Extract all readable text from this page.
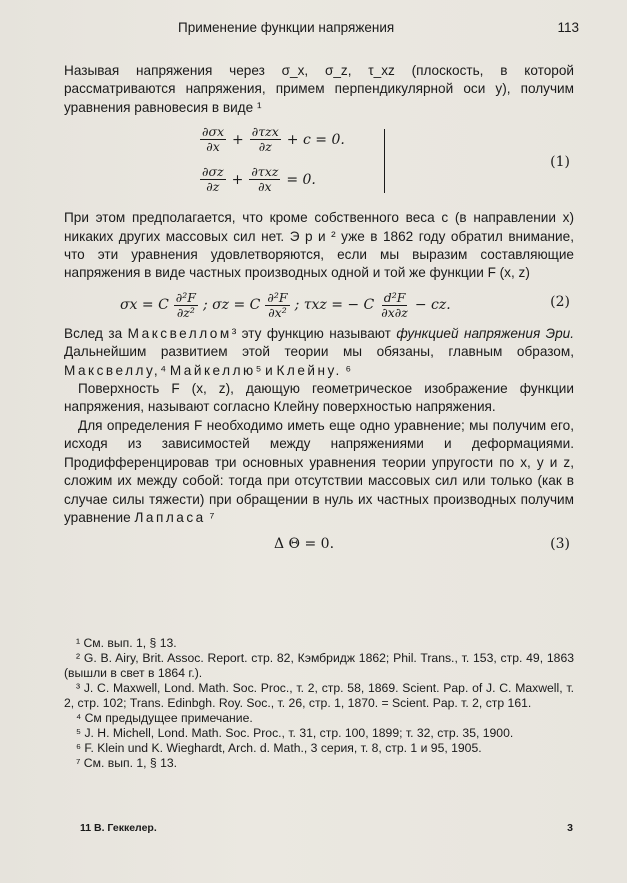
Применение функции напряжения	113

Называя напряжения через σ_x, σ_z, τ_xz (плоскость, в которой рассматриваются напряжения, примем перпендикулярной оси y), получим уравнения равновесия в виде ¹

$\frac{\partial\sigma x}{\partial x} + \frac{\text{∂τzx}}{\partial z} + c = 0$.
$\frac{\partial\sigma z}{\partial z} + \frac{\text{∂τxz}}{\partial x} = 0$.
(1)

При этом предполагается, что кроме собственного веса c (в направлении x) никаких других массовых сил нет. Э р и ² уже в 1862 году обратил внимание, что эти уравнения удовлетворяются, если мы выразим составляющие напряжения в виде частных производных одной и той же функции F (x, z)

σx = C $\frac{\text{∂²F}}{\text{∂z²}}$ ; σz = C $\frac{\text{∂²F}}{\text{∂x²}}$ ; τxz = − C $\frac{\text{d²F}}{\partial x\partial z}$ − cz.	(2)

Вслед за Максвеллом³ эту функцию называют функцией напряжения Эри. Дальнейшим развитием этой теории мы обязаны, главным образом, Максвеллу,⁴ Майкеллю⁵ и Клейну. ⁶

Поверхность F (x, z), дающую геометрическое изображение функции напряжения, называют согласно Клейну поверхностью напряжения.

Для определения F необходимо иметь еще одно уравнение; мы получим его, исходя из зависимостей между напряжениями и деформациями. Продифференцировав три основных уравнения теории упругости по x, y и z, сложим их между собой: тогда при отсутствии массовых сил или только (как в случае силы тяжести) при обращении в нуль их частных производных получим уравнение Лапласа ⁷

Δ Θ = 0.	(3)

¹ См. вып. 1, § 13.

² G. B. Airy, Brit. Assoc. Report. стр. 82, Кэмбридж 1862; Phil. Trans., т. 153, стр. 49, 1863 (вышли в свет в 1864 г.).

³ J. C. Maxwell, Lond. Math. Soc. Proc., т. 2, стр. 58, 1869. Scient. Pap. of J. C. Maxwell, т. 2, стр. 102; Trans. Edinbgh. Roy. Soc., т. 26, стр. 1, 1870. = Scient. Pap. т. 2, стр 161.

⁴ См предыдущее примечание.

⁵ J. H. Michell, Lond. Math. Soc. Proc., т. 31, стр. 100, 1899; т. 32, стр. 35, 1900.

⁶ F. Klein und K. Wieghardt, Arch. d. Math., 3 серия, т. 8, стр. 1 и 95, 1905.

⁷ См. вып. 1, § 13.

11 В. Геккелер.	3
